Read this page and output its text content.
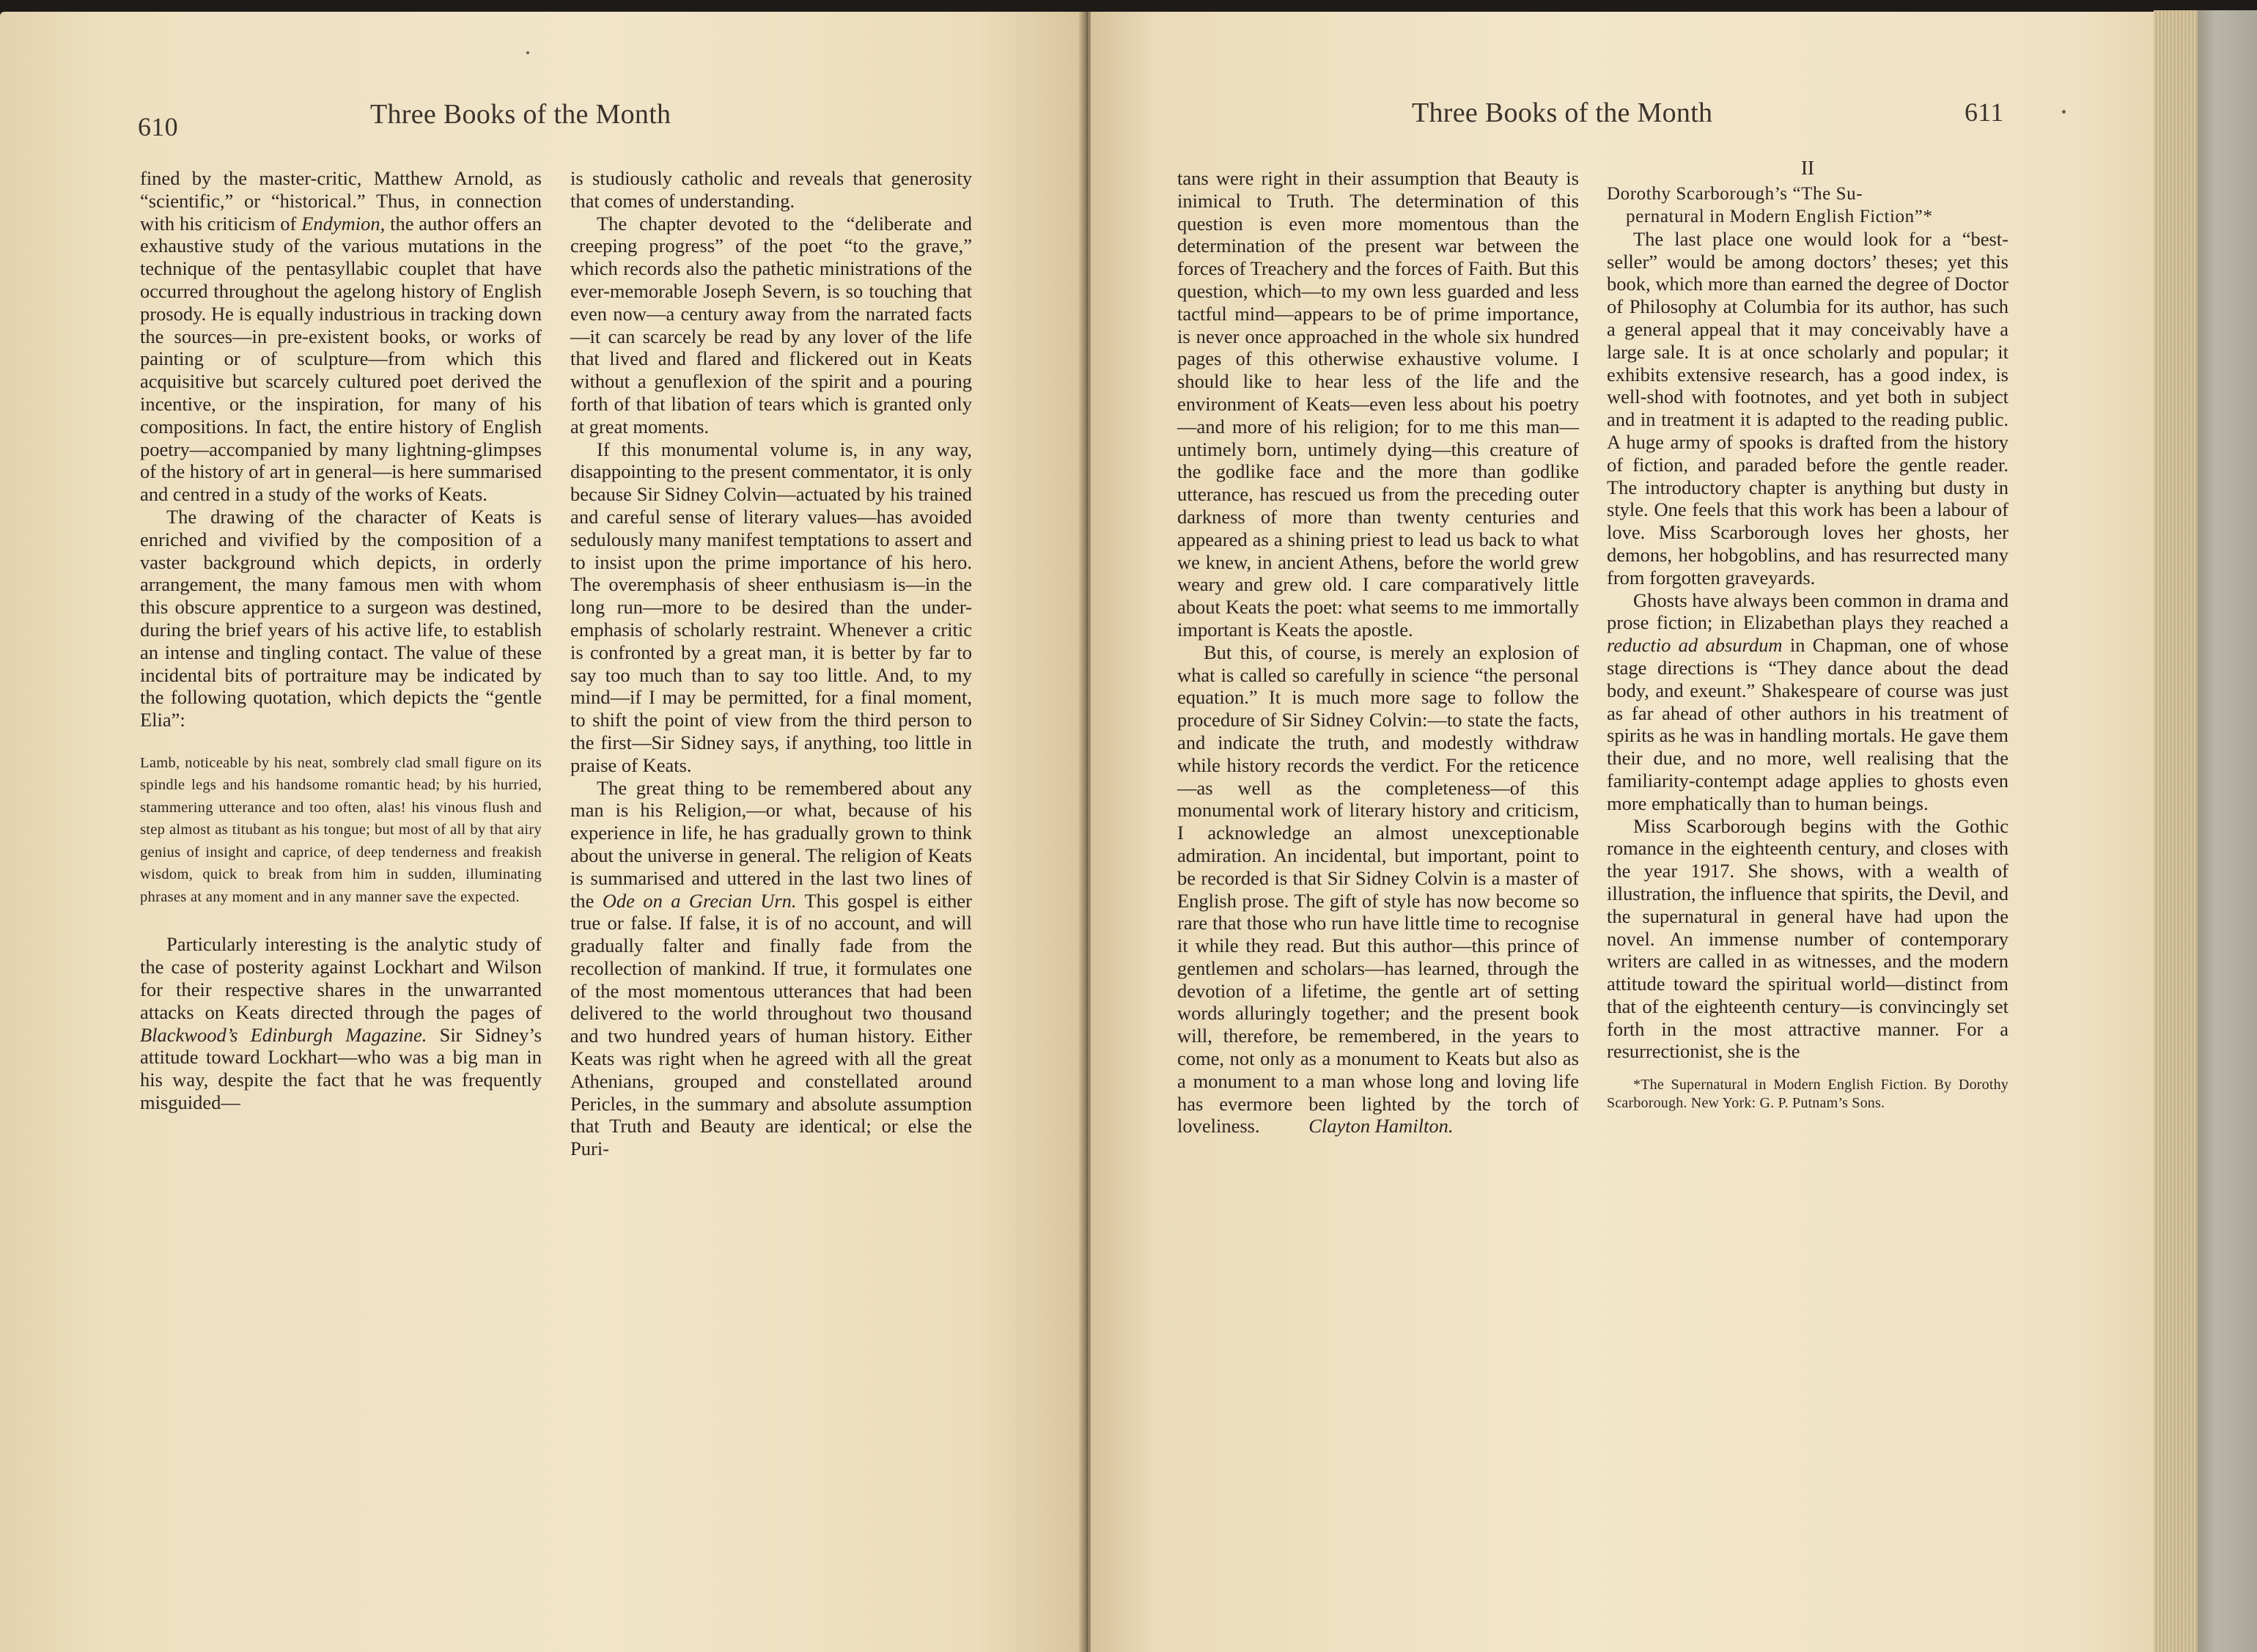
610	Three Books of the Month

fined by the master-critic, Matthew Arnold, as “scientific,” or “historical.” Thus, in connection with his criticism of Endymion, the author offers an exhaustive study of the various mutations in the technique of the pentasyllabic couplet that have occurred throughout the agelong history of English prosody. He is equally industrious in tracking down the sources—in pre-existent books, or works of painting or of sculpture—from which this acquisitive but scarcely cultured poet derived the incentive, or the inspiration, for many of his compositions. In fact, the entire history of English poetry—accompanied by many lightning-glimpses of the history of art in general—is here summarised and centred in a study of the works of Keats.

The drawing of the character of Keats is enriched and vivified by the composition of a vaster background which depicts, in orderly arrangement, the many famous men with whom this obscure apprentice to a surgeon was destined, during the brief years of his active life, to establish an intense and tingling contact. The value of these incidental bits of portraiture may be indicated by the following quotation, which depicts the “gentle Elia”:

Lamb, noticeable by his neat, sombrely clad small figure on its spindle legs and his handsome romantic head; by his hurried, stammering utterance and too often, alas! his vinous flush and step almost as titubant as his tongue; but most of all by that airy genius of insight and caprice, of deep tenderness and freakish wisdom, quick to break from him in sudden, illuminating phrases at any moment and in any manner save the expected.

Particularly interesting is the analytic study of the case of posterity against Lockhart and Wilson for their respective shares in the unwarranted attacks on Keats directed through the pages of Blackwood’s Edinburgh Magazine. Sir Sidney’s attitude toward Lockhart—who was a big man in his way, despite the fact that he was frequently misguided—

is studiously catholic and reveals that generosity that comes of understanding.

The chapter devoted to the “deliberate and creeping progress” of the poet “to the grave,” which records also the pathetic ministrations of the ever-memorable Joseph Severn, is so touching that even now—a century away from the narrated facts—it can scarcely be read by any lover of the life that lived and flared and flickered out in Keats without a genuflexion of the spirit and a pouring forth of that libation of tears which is granted only at great moments.

If this monumental volume is, in any way, disappointing to the present commentator, it is only because Sir Sidney Colvin—actuated by his trained and careful sense of literary values—has avoided sedulously many manifest temptations to assert and to insist upon the prime importance of his hero. The overemphasis of sheer enthusiasm is—in the long run—more to be desired than the under-emphasis of scholarly restraint. Whenever a critic is confronted by a great man, it is better by far to say too much than to say too little. And, to my mind—if I may be permitted, for a final moment, to shift the point of view from the third person to the first—Sir Sidney says, if anything, too little in praise of Keats.

The great thing to be remembered about any man is his Religion,—or what, because of his experience in life, he has gradually grown to think about the universe in general. The religion of Keats is summarised and uttered in the last two lines of the Ode on a Grecian Urn. This gospel is either true or false. If false, it is of no account, and will gradually falter and finally fade from the recollection of mankind. If true, it formulates one of the most momentous utterances that had been delivered to the world throughout two thousand and two hundred years of human history. Either Keats was right when he agreed with all the great Athenians, grouped and constellated around Pericles, in the summary and absolute assumption that Truth and Beauty are identical; or else the Puri-

Three Books of the Month	611

tans were right in their assumption that Beauty is inimical to Truth. The determination of this question is even more momentous than the determination of the present war between the forces of Treachery and the forces of Faith. But this question, which—to my own less guarded and less tactful mind—appears to be of prime importance, is never once approached in the whole six hundred pages of this otherwise exhaustive volume. I should like to hear less of the life and the environment of Keats—even less about his poetry—and more of his religion; for to me this man—untimely born, untimely dying—this creature of the godlike face and the more than godlike utterance, has rescued us from the preceding outer darkness of more than twenty centuries and appeared as a shining priest to lead us back to what we knew, in ancient Athens, before the world grew weary and grew old. I care comparatively little about Keats the poet: what seems to me immortally important is Keats the apostle.

But this, of course, is merely an explosion of what is called so carefully in science “the personal equation.” It is much more sage to follow the procedure of Sir Sidney Colvin:—to state the facts, and indicate the truth, and modestly withdraw while history records the verdict. For the reticence—as well as the completeness—of this monumental work of literary history and criticism, I acknowledge an almost unexceptionable admiration. An incidental, but important, point to be recorded is that Sir Sidney Colvin is a master of English prose. The gift of style has now become so rare that those who run have little time to recognise it while they read. But this author—this prince of gentlemen and scholars—has learned, through the devotion of a lifetime, the gentle art of setting words alluringly together; and the present book will, therefore, be remembered, in the years to come, not only as a monument to Keats but also as a monument to a man whose long and loving life has evermore been lighted by the torch of loveliness.	Clayton Hamilton.

II
Dorothy Scarborough’s “The Su-
pernatural in Modern English Fiction”*

The last place one would look for a “best-seller” would be among doctors’ theses; yet this book, which more than earned the degree of Doctor of Philosophy at Columbia for its author, has such a general appeal that it may conceivably have a large sale. It is at once scholarly and popular; it exhibits extensive research, has a good index, is well-shod with footnotes, and yet both in subject and in treatment it is adapted to the reading public. A huge army of spooks is drafted from the history of fiction, and paraded before the gentle reader. The introductory chapter is anything but dusty in style. One feels that this work has been a labour of love. Miss Scarborough loves her ghosts, her demons, her hobgoblins, and has resurrected many from forgotten graveyards.

Ghosts have always been common in drama and prose fiction; in Elizabethan plays they reached a reductio ad absurdum in Chapman, one of whose stage directions is “They dance about the dead body, and exeunt.” Shakespeare of course was just as far ahead of other authors in his treatment of spirits as he was in handling mortals. He gave them their due, and no more, well realising that the familiarity-contempt adage applies to ghosts even more emphatically than to human beings.

Miss Scarborough begins with the Gothic romance in the eighteenth century, and closes with the year 1917. She shows, with a wealth of illustration, the influence that spirits, the Devil, and the supernatural in general have had upon the novel. An immense number of contemporary writers are called in as witnesses, and the modern attitude toward the spiritual world—distinct from that of the eighteenth century—is convincingly set forth in the most attractive manner. For a resurrectionist, she is the

*The Supernatural in Modern English Fiction. By Dorothy Scarborough. New York: G. P. Putnam’s Sons.
